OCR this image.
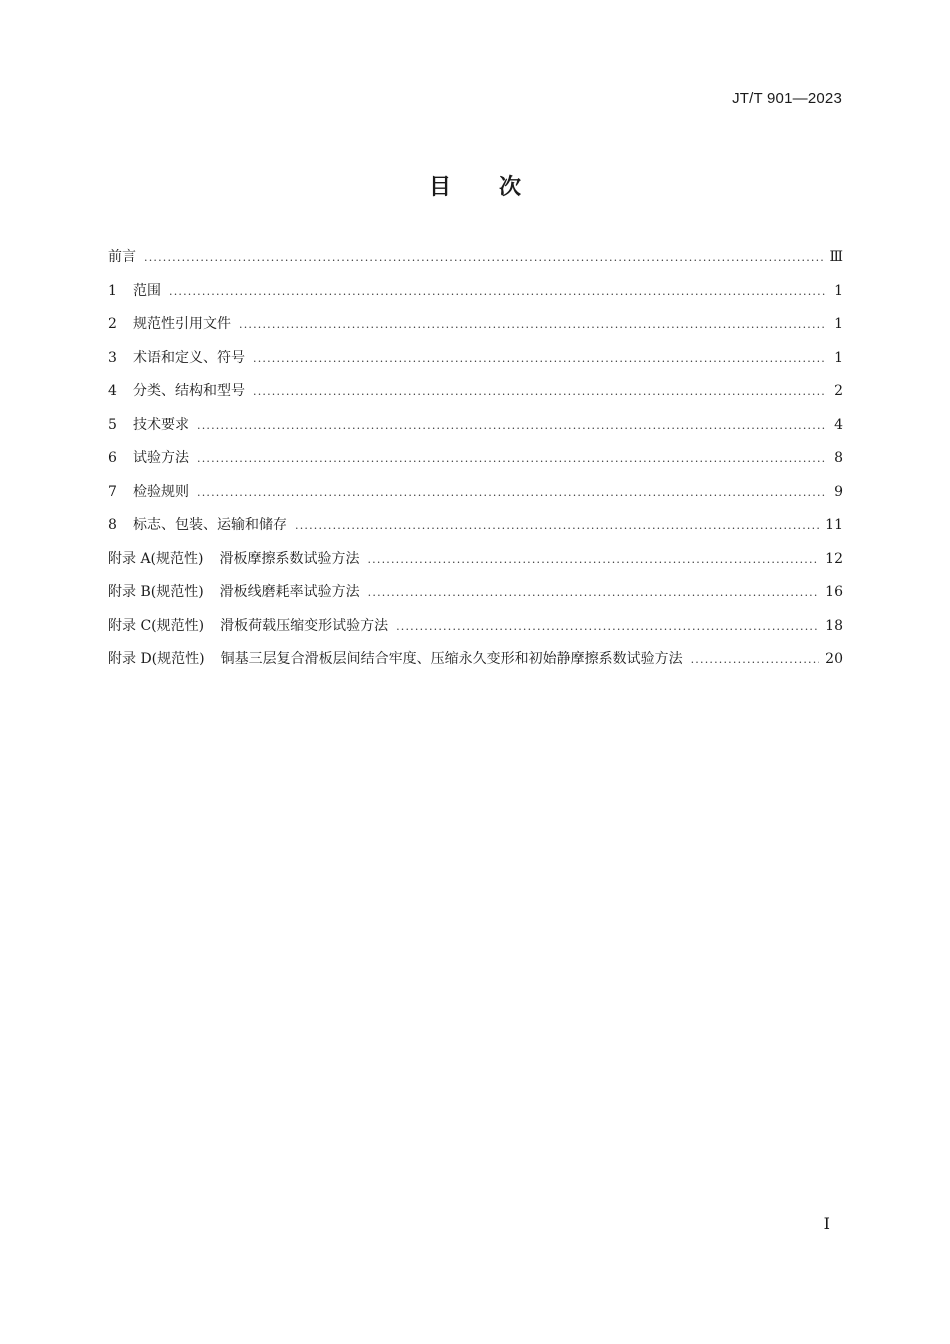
JT/T 901—2023
目 次
前言 .....	Ⅲ
1	范围 .....	1
2	规范性引用文件 .....	1
3	术语和定义、符号 .....	1
4	分类、结构和型号 .....	2
5	技术要求 .....	4
6	试验方法 .....	8
7	检验规则 .....	9
8	标志、包装、运输和储存 .....	11
附录 A(规范性) 滑板摩擦系数试验方法 .....	12
附录 B(规范性) 滑板线磨耗率试验方法 .....	16
附录 C(规范性) 滑板荷载压缩变形试验方法 .....	18
附录 D(规范性) 铜基三层复合滑板层间结合牢度、压缩永久变形和初始静摩擦系数试验方法 .....	20
I
